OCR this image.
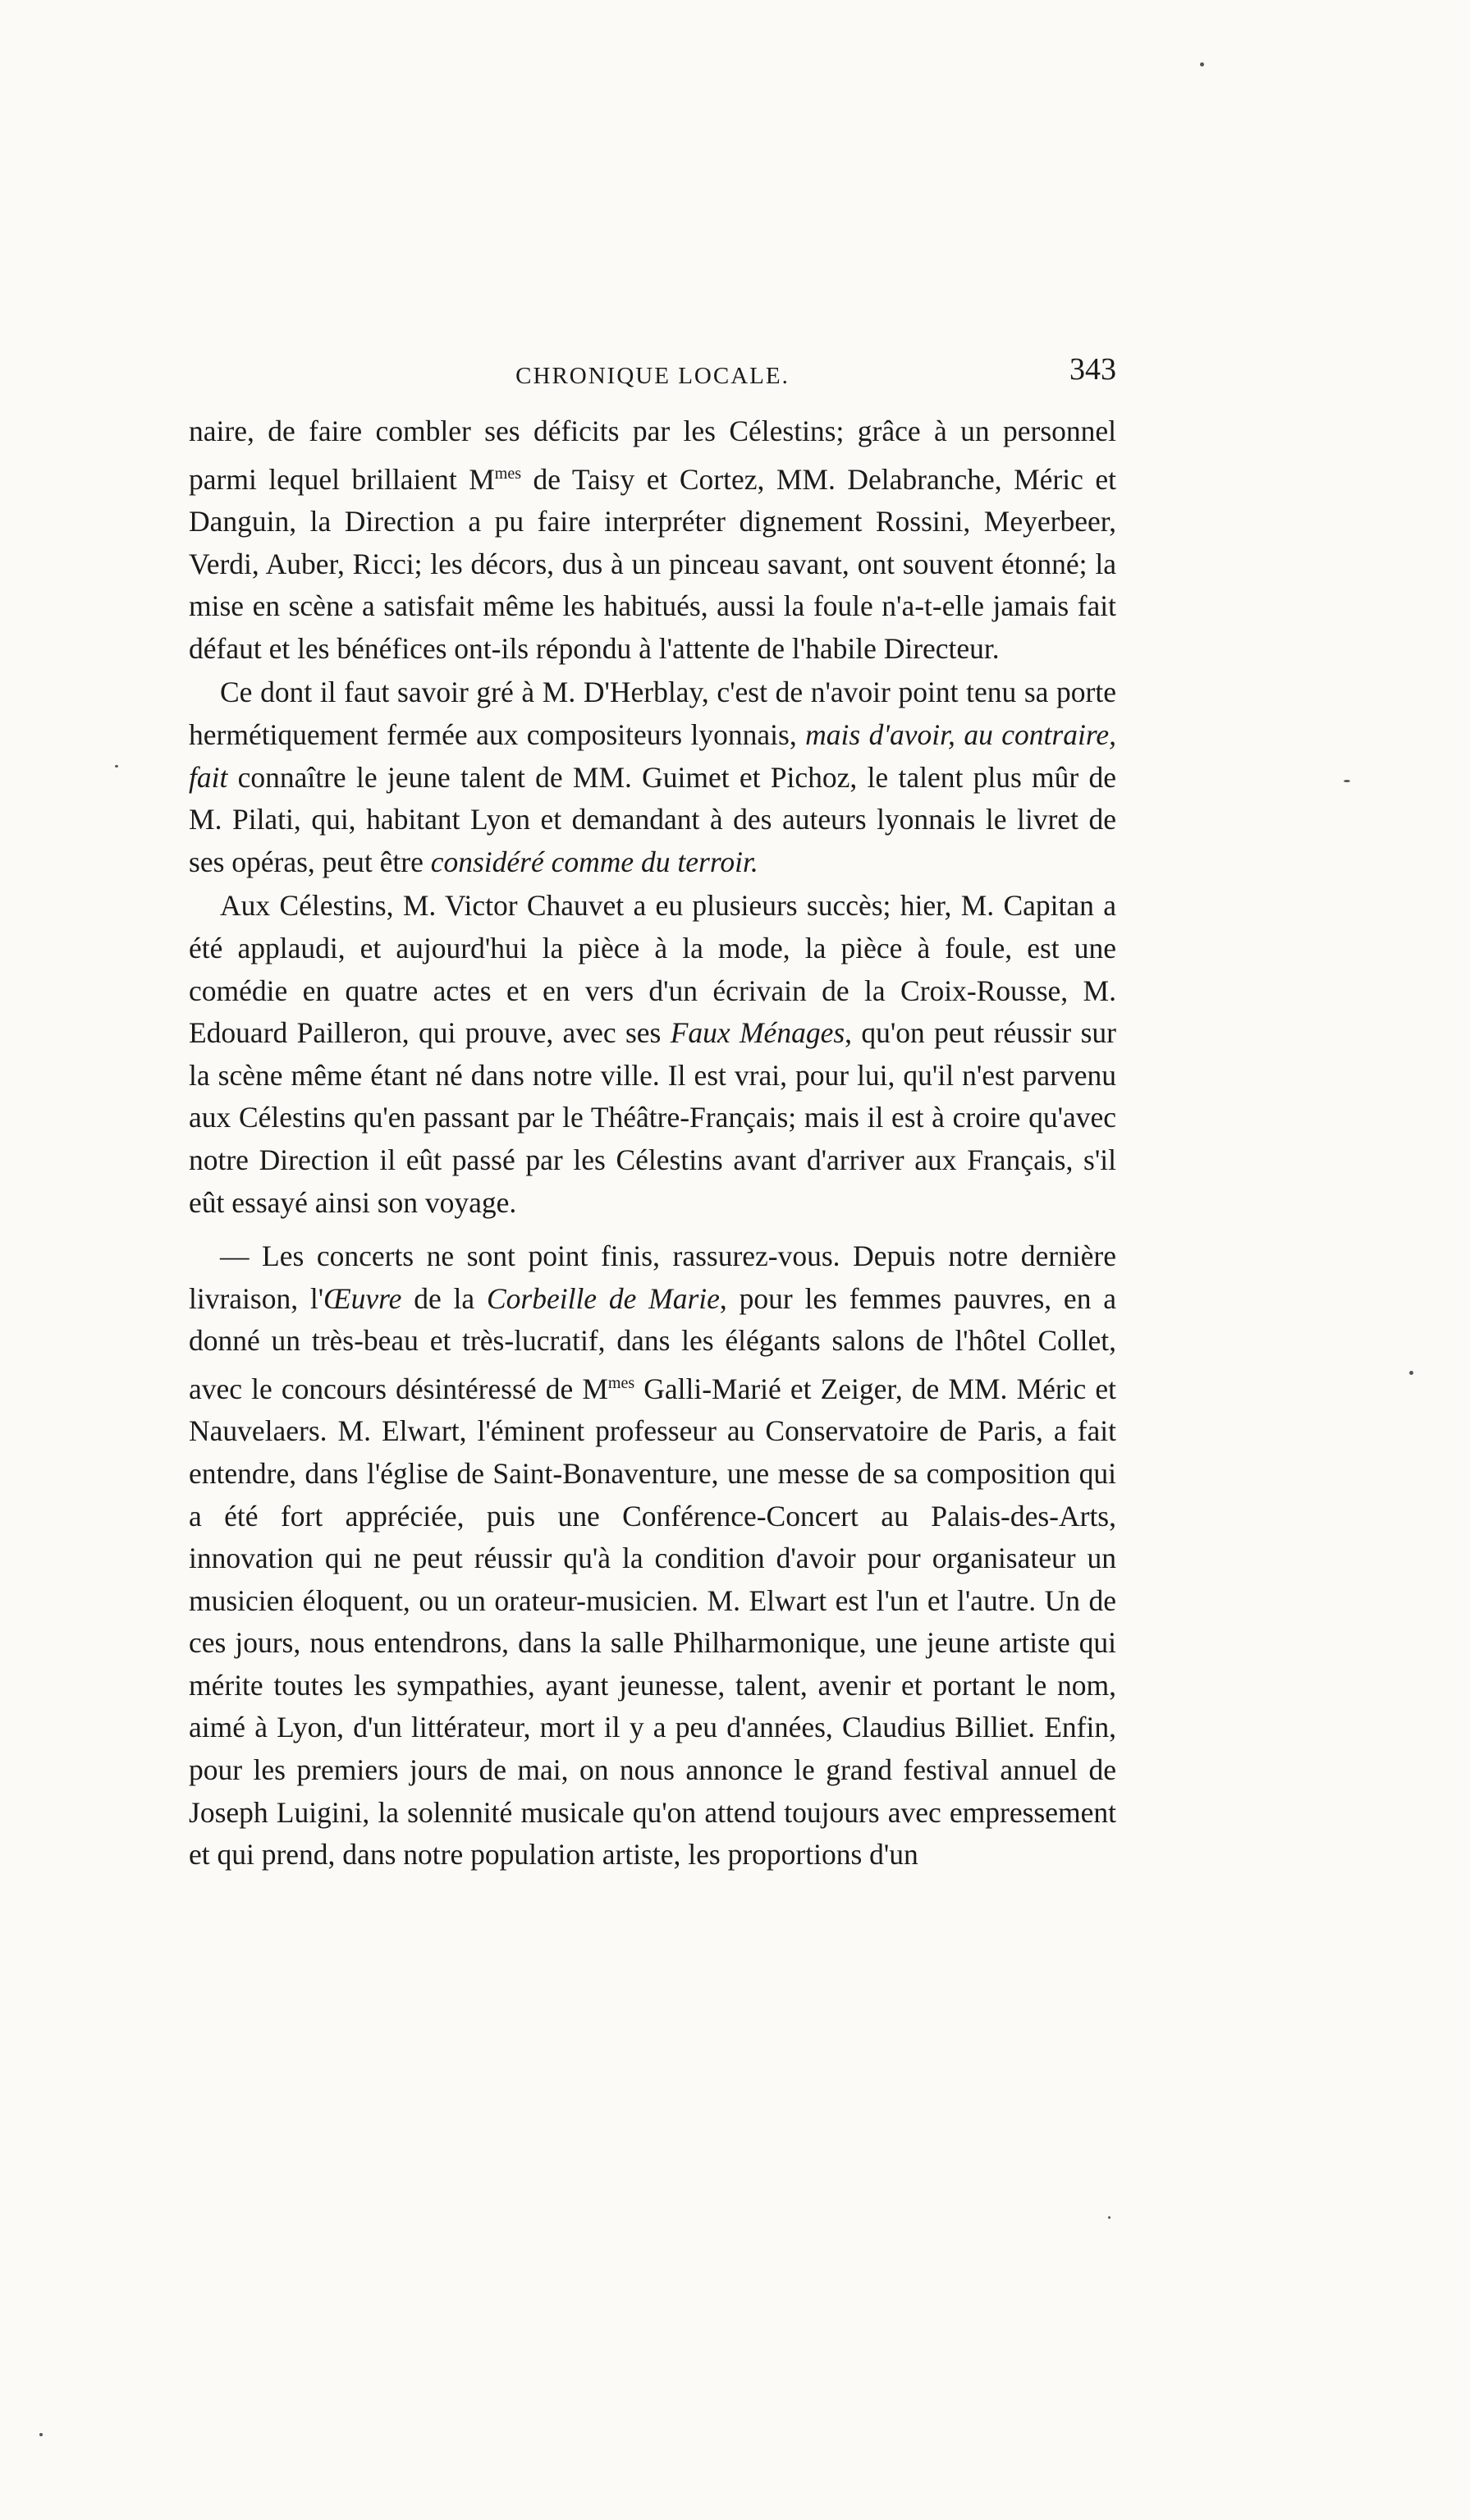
CHRONIQUE LOCALE.	343

naire, de faire combler ses déficits par les Célestins; grâce à un personnel parmi lequel brillaient $M^{mes}$ de Taisy et Cortez, MM. Delabranche, Méric et Danguin, la Direction a pu faire interpréter dignement Rossini, Meyerbeer, Verdi, Auber, Ricci; les décors, dus à un pinceau savant, ont souvent étonné; la mise en scène a satisfait même les habitués, aussi la foule n'a-t-elle jamais fait défaut et les bénéfices ont-ils répondu à l'attente de l'habile Directeur.

Ce dont il faut savoir gré à M. D'Herblay, c'est de n'avoir point tenu sa porte hermétiquement fermée aux compositeurs lyonnais, mais d'avoir, au contraire, fait connaître le jeune talent de MM. Guimet et Pichoz, le talent plus mûr de M. Pilati, qui, habitant Lyon et demandant à des auteurs lyonnais le livret de ses opéras, peut être considéré comme du terroir.

Aux Célestins, M. Victor Chauvet a eu plusieurs succès; hier, M. Capitan a été applaudi, et aujourd'hui la pièce à la mode, la pièce à foule, est une comédie en quatre actes et en vers d'un écrivain de la Croix-Rousse, M. Edouard Pailleron, qui prouve, avec ses Faux Ménages, qu'on peut réussir sur la scène même étant né dans notre ville. Il est vrai, pour lui, qu'il n'est parvenu aux Célestins qu'en passant par le Théâtre-Français; mais il est à croire qu'avec notre Direction il eût passé par les Célestins avant d'arriver aux Français, s'il eût essayé ainsi son voyage.

— Les concerts ne sont point finis, rassurez-vous. Depuis notre dernière livraison, l'Œuvre de la Corbeille de Marie, pour les femmes pauvres, en a donné un très-beau et très-lucratif, dans les élégants salons de l'hôtel Collet, avec le concours désintéressé de $M^{mes}$ Galli-Marié et Zeiger, de MM. Méric et Nauvelaers. M. Elwart, l'éminent professeur au Conservatoire de Paris, a fait entendre, dans l'église de Saint-Bonaventure, une messe de sa composition qui a été fort appréciée, puis une Conférence-Concert au Palais-des-Arts, innovation qui ne peut réussir qu'à la condition d'avoir pour organisateur un musicien éloquent, ou un orateur-musicien. M. Elwart est l'un et l'autre. Un de ces jours, nous entendrons, dans la salle Philharmonique, une jeune artiste qui mérite toutes les sympathies, ayant jeunesse, talent, avenir et portant le nom, aimé à Lyon, d'un littérateur, mort il y a peu d'années, Claudius Billiet. Enfin, pour les premiers jours de mai, on nous annonce le grand festival annuel de Joseph Luigini, la solennité musicale qu'on attend toujours avec empressement et qui prend, dans notre population artiste, les proportions d'un
